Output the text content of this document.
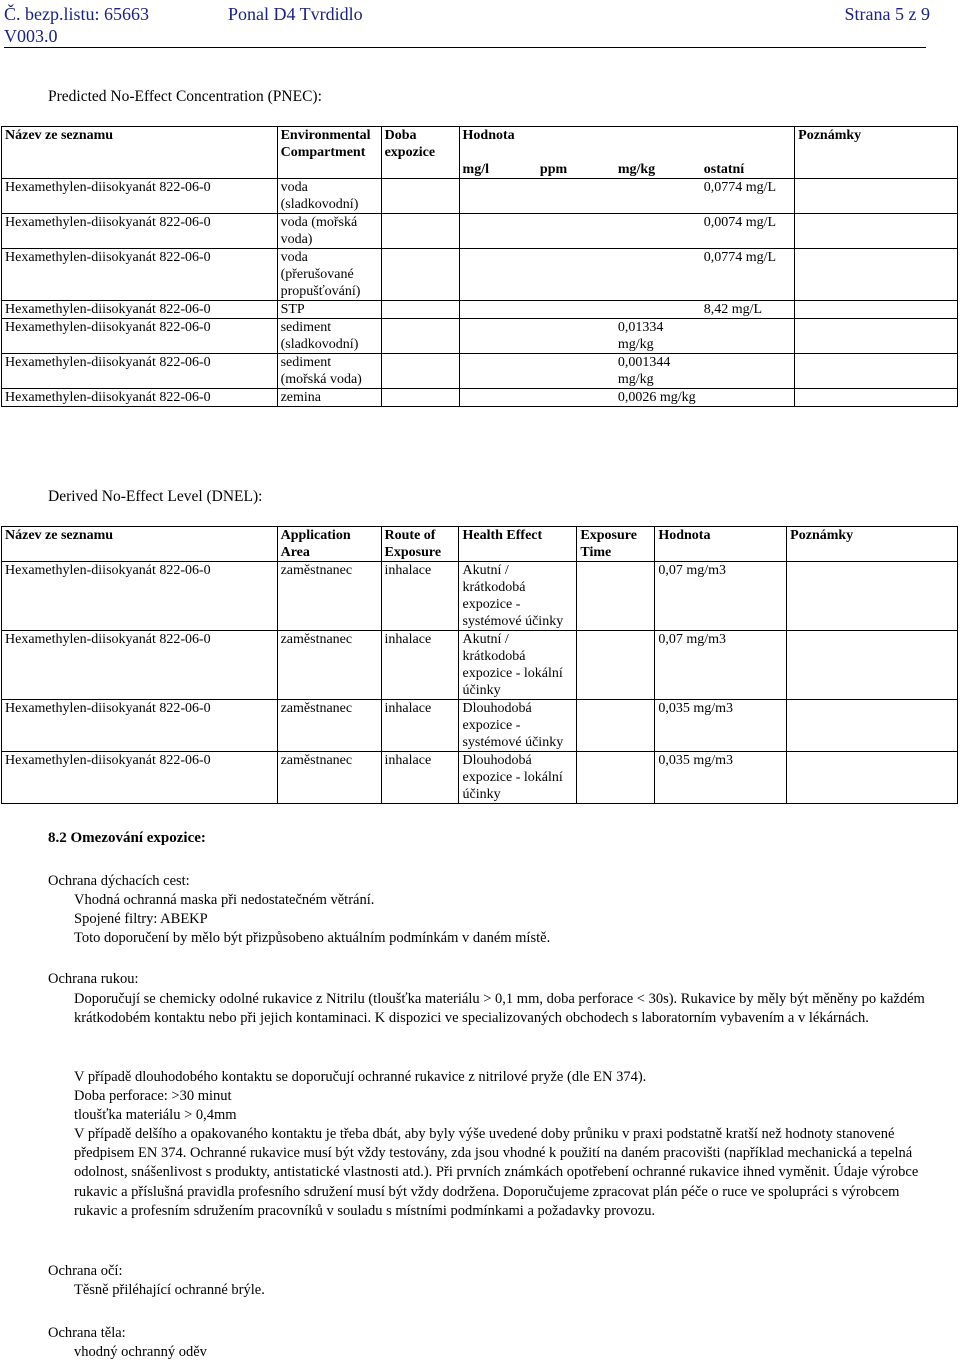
Č. bezp.listu: 65663	Ponal D4 Tvrdidlo	Strana 5 z 9
V003.0
Predicted No-Effect Concentration (PNEC):
Název ze seznamu	Environmental Compartment	Doba expozice	Hodnota				Poznámky
			mg/l	ppm	mg/kg	ostatní	
Hexamethylen-diisokyanát 822-06-0	voda (sladkovodní)					0,0774 mg/L	
Hexamethylen-diisokyanát 822-06-0	voda (mořská voda)					0,0074 mg/L	
Hexamethylen-diisokyanát 822-06-0	voda (přerušované propušťování)					0,0774 mg/L	
Hexamethylen-diisokyanát 822-06-0	STP					8,42 mg/L	
Hexamethylen-diisokyanát 822-06-0	sediment (sladkovodní)				0,01334 mg/kg		
Hexamethylen-diisokyanát 822-06-0	sediment (mořská voda)				0,001344 mg/kg		
Hexamethylen-diisokyanát 822-06-0	zemina				0,0026 mg/kg		
Derived No-Effect Level (DNEL):
Název ze seznamu	Application Area	Route of Exposure	Health Effect	Exposure Time	Hodnota	Poznámky
Hexamethylen-diisokyanát 822-06-0	zaměstnanec	inhalace	Akutní / krátkodobá expozice - systémové účinky		0,07 mg/m3	
Hexamethylen-diisokyanát 822-06-0	zaměstnanec	inhalace	Akutní / krátkodobá expozice - lokální účinky		0,07 mg/m3	
Hexamethylen-diisokyanát 822-06-0	zaměstnanec	inhalace	Dlouhodobá expozice - systémové účinky		0,035 mg/m3	
Hexamethylen-diisokyanát 822-06-0	zaměstnanec	inhalace	Dlouhodobá expozice - lokální účinky		0,035 mg/m3	
8.2 Omezování expozice:
Ochrana dýchacích cest:
Vhodná ochranná maska při nedostatečném větrání.
Spojené filtry: ABEKP
Toto doporučení by mělo být přizpůsobeno aktuálním podmínkám v daném místě.
Ochrana rukou:
Doporučují se chemicky odolné rukavice z Nitrilu (tloušťka materiálu > 0,1 mm, doba perforace < 30s). Rukavice by měly být měněny po každém krátkodobém kontaktu nebo při jejich kontaminaci. K dispozici ve specializovaných obchodech s laboratorním vybavením a v lékárnách.
V případě dlouhodobého kontaktu se doporučují ochranné rukavice z nitrilové pryže (dle EN 374).
Doba perforace: >30 minut
tloušťka materiálu > 0,4mm
V případě delšího a opakovaného kontaktu je třeba dbát, aby byly výše uvedené doby průniku v praxi podstatně kratší než hodnoty stanovené předpisem EN 374. Ochranné rukavice musí být vždy testovány, zda jsou vhodné k použití na daném pracovišti (například mechanická a tepelná odolnost, snášenlivost s produkty, antistatické vlastnosti atd.). Při prvních známkách opotřebení ochranné rukavice ihned vyměnit. Údaje výrobce rukavic a příslušná pravidla profesního sdružení musí být vždy dodržena. Doporučujeme zpracovat plán péče o ruce ve spolupráci s výrobcem rukavic a profesním sdružením pracovníků v souladu s místními podmínkami a požadavky provozu.
Ochrana očí:
Těsně přiléhající ochranné brýle.
Ochrana těla:
vhodný ochranný oděv
